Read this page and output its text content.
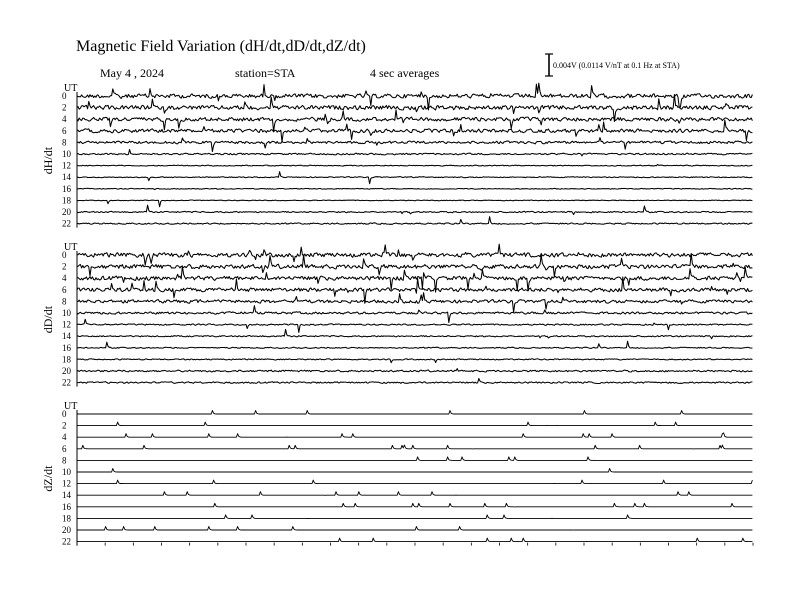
Magnetic Field Variation (dH/dt,dD/dt,dZ/dt)
May 4 , 2024	station=STA	4 sec averages
0.004V (0.0114 V/nT at 0.1 Hz at STA)
UT
dH/dt
0
2
4
6
8
10
12
14
16
18
20
22
UT
dD/dt
0
2
4
6
8
10
12
14
16
18
20
22
UT
dZ/dt
0
2
4
6
8
10
12
14
16
18
20
22
